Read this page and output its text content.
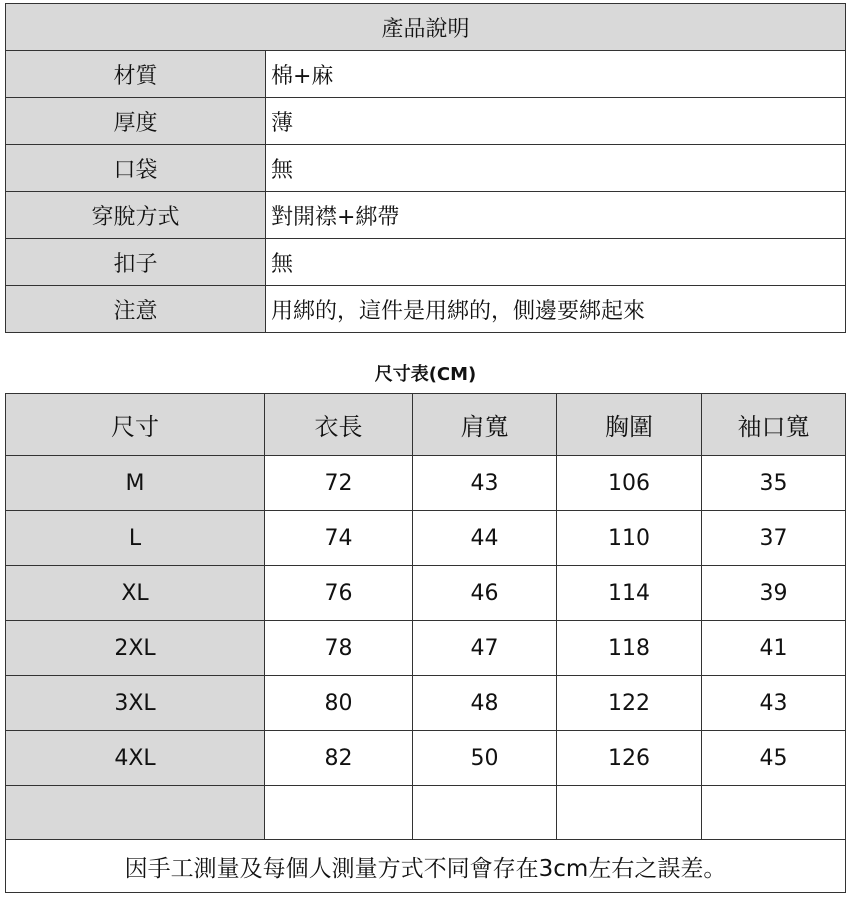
產品說明	
材質	棉+麻
厚度	薄
口袋	無
穿脫方式	對開襟+綁帶
扣子	無
注意	用綁的，這件是用綁的，側邊要綁起來
尺寸表(CM)
尺寸	衣長	肩寬	胸圍	袖口寬
M	72	43	106	35
L	74	44	110	37
XL	76	46	114	39
2XL	78	47	118	41
3XL	80	48	122	43
4XL	82	50	126	45

因手工測量及每個人測量方式不同會存在3cm左右之誤差。				
